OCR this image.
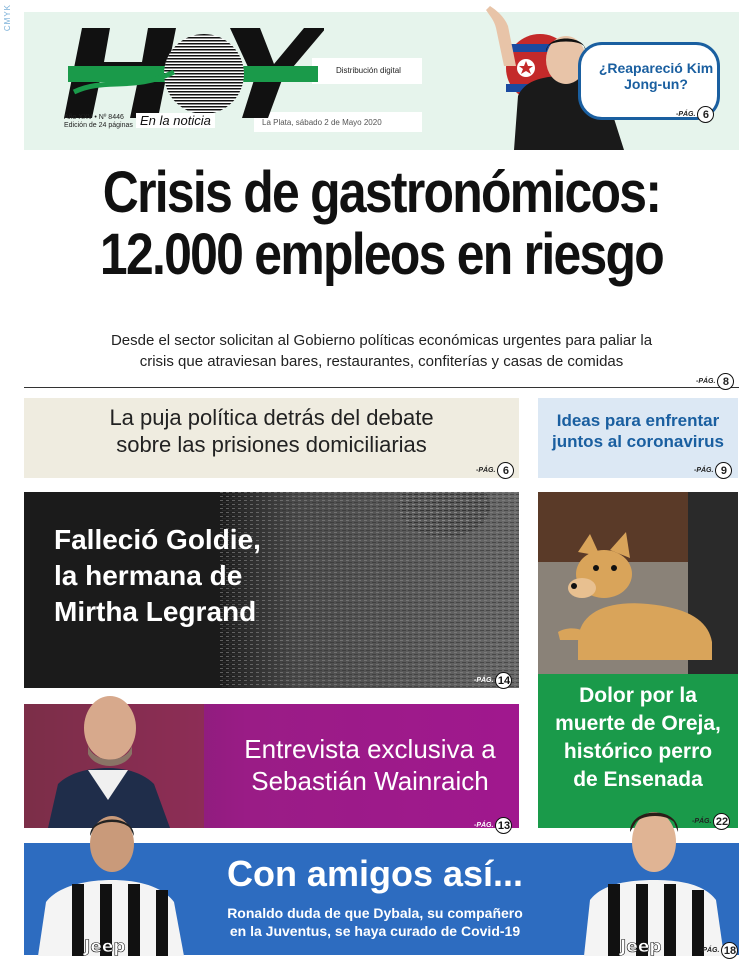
CMYK
Año XXV • Nº 8446
Edición de 24 páginas En la noticia
Distribución digital
La Plata, sábado 2 de Mayo 2020
¿Reapareció Kim Jong-un?
-PÁG. 6
Crisis de gastronómicos:
12.000 empleos en riesgo
Desde el sector solicitan al Gobierno políticas económicas urgentes para paliar la
crisis que atraviesan bares, restaurantes, confiterías y casas de comidas
-PÁG. 8
La puja política detrás del debate
sobre las prisiones domiciliarias
-PÁG. 6
Ideas para enfrentar
juntos al coronavirus
-PÁG. 9
Falleció Goldie,
la hermana de
Mirtha Legrand
-PÁG. 14
Dolor por la
muerte de Oreja,
histórico perro
de Ensenada
-PÁG. 22
Entrevista exclusiva a
Sebastián Wainraich
-PÁG. 13
Jeep	Jeep
Con amigos así...
Ronaldo duda de que Dybala, su compañero
en la Juventus, se haya curado de Covid-19
-PÁG. 18
